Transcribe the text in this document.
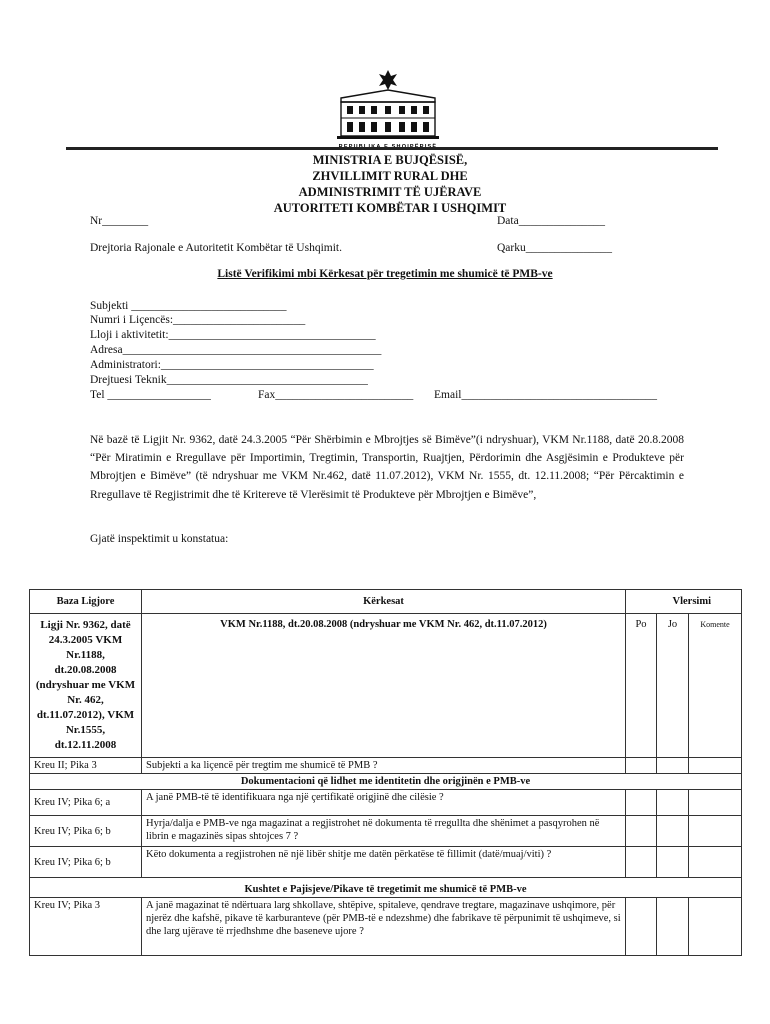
MINISTRIA E BUJQËSISË,
ZHVILLIMIT RURAL DHE
ADMINISTRIMIT TË UJËRAVE
AUTORITETI KOMBËTAR I USHQIMIT
Nr________	Data_______________
Drejtoria Rajonale e Autoritetit Kombëtar të Ushqimit.	Qarku_______________
Listë Verifikimi mbi Kërkesat për tregetimin me shumicë të PMB-ve
Subjekti ___________________________
Numri i Liçencës:_______________________
Lloji i aktivitetit:____________________________________
Adresa_____________________________________________
Administratori:_____________________________________
Drejtuesi Teknik___________________________________
Tel __________________	Fax________________________ Email__________________________________
Në bazë të Ligjit Nr. 9362, datë 24.3.2005 “Për Shërbimin e Mbrojtjes së Bimëve”(i ndryshuar), VKM Nr.1188, datë 20.8.2008 “Për Miratimin e Rregullave për Importimin, Tregtimin, Transportin, Ruajtjen, Përdorimin dhe Asgjësimin e Produkteve për Mbrojtjen e Bimëve” (të ndryshuar me VKM Nr.462, datë 11.07.2012), VKM Nr. 1555, dt. 12.11.2008; “Për Përcaktimin e Rregullave të Regjistrimit dhe të Kritereve të Vlerësimit të Produkteve për Mbrojtjen e Bimëve”,
Gjatë inspektimit u konstatua:
Baza Ligjore	Kërkesat	Vlersimi		
Ligji Nr. 9362, datë 24.3.2005 VKM Nr.1188, dt.20.08.2008 (ndryshuar me VKM Nr. 462, dt.11.07.2012), VKM Nr.1555, dt.12.11.2008	VKM Nr.1188, dt.20.08.2008 (ndryshuar me VKM Nr. 462, dt.11.07.2012)	Po	Jo	Komente
Kreu II; Pika 3	Subjekti a ka liçencë për tregtim me shumicë të PMB ?			
Dokumentacioni që lidhet me identitetin dhe origjinën e PMB-ve				
Kreu IV; Pika 6; a	A janë PMB-të të identifikuara nga një çertifikatë origjinë dhe cilësie ?			
Kreu IV; Pika 6; b	Hyrja/dalja e PMB-ve nga magazinat a regjistrohet në dokumenta të rregullta dhe shënimet a pasqyrohen në librin e magazinës sipas shtojces 7 ?			
Kreu IV; Pika 6; b	Këto dokumenta a regjistrohen në një libër shitje me datën përkatëse të fillimit (datë/muaj/viti) ?			
Kushtet e Pajisjeve/Pikave të tregetimit me shumicë të PMB-ve				
Kreu IV; Pika 3	A janë magazinat të ndërtuara larg shkollave, shtëpive, spitaleve, qendrave tregtare, magazinave ushqimore, për njerëz dhe kafshë, pikave të karburanteve (për PMB-të e ndezshme) dhe fabrikave të përpunimit të ushqimeve, si dhe larg ujërave të rrjedhshme dhe baseneve ujore ?			
